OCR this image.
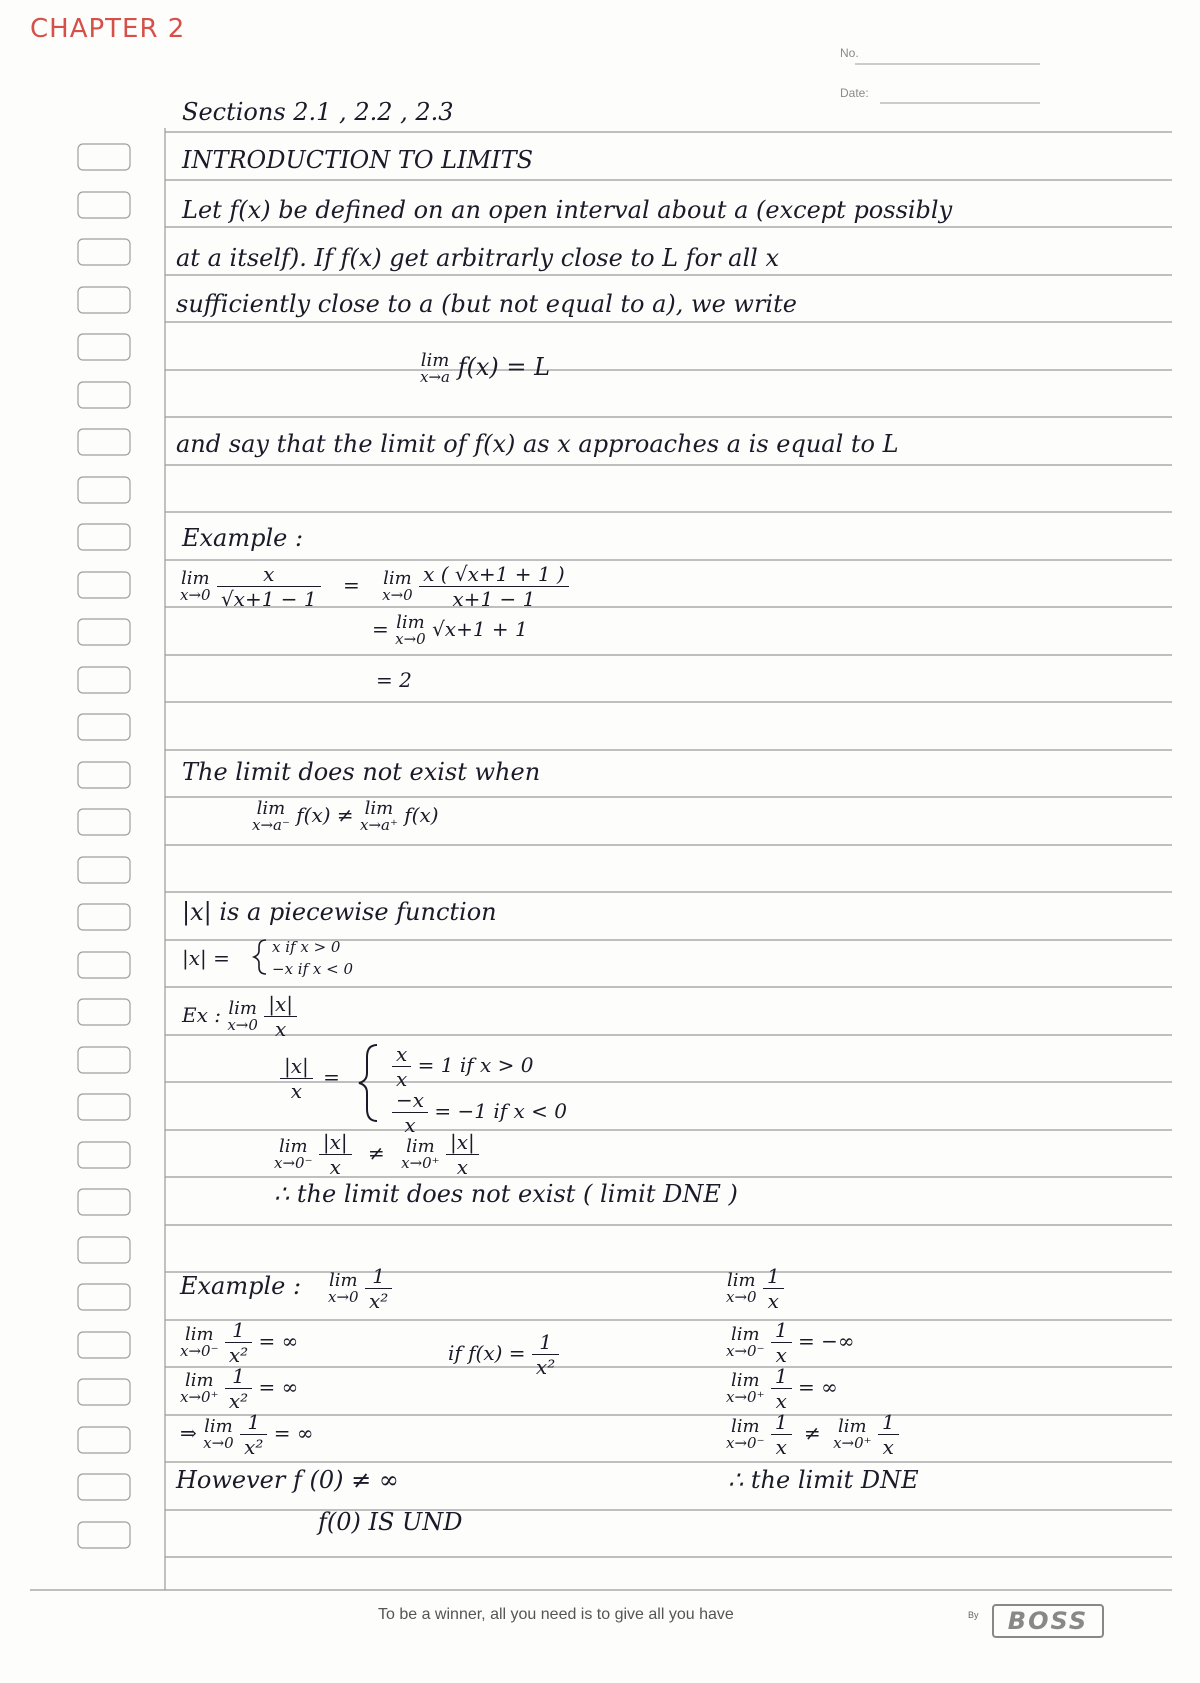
CHAPTER 2
No.
Date:
Sections 2.1 , 2.2 , 2.3
INTRODUCTION TO LIMITS
Let f(x) be defined on an open interval about a (except possibly
at a itself). If f(x) get arbitrarly close to L for all x
sufficiently close to a (but not equal to a), we write
lim
x→a f(x) = L
and say that the limit of f(x) as x approaches a is equal to L
Example :
lim
x→0
$\frac{x}{√x+1 - 1} = \lim$
x→0
$\frac{x ( √x+1 + 1 )}{x+1 - 1}$
= lim
x→0 √x+1 + 1
= 2
The limit does not exist when
lim
x→a⁻ f(x) ≠ lim
x→a⁺ f(x)
|x| is a piecewise function
|x| =	x if x > 0
−x if x < 0
Ex : lim
x→0
$\frac{|x|}{x}$
$\frac{|x|}{x}$ =	$\frac{x}{x} = 1$ if x > 0
$\frac{-x}{x} = -1$ if x < 0
lim
x→0⁻
$\frac{|x|}{x} \ne \lim$
x→0⁺
$\frac{|x|}{x}$
∴ the limit does not exist ( limit DNE )
Example : lim
x→0
$\frac{1}{\text{x²}}$
lim
x→0⁻
$\frac{1}{\text{x²}}$ = ∞	if $f(x) = \frac{1}{\text{x²}}$
lim
x→0⁺
$\frac{1}{\text{x²}}$ = ∞
⇒ lim
x→0
$\frac{1}{\text{x²}}$ = ∞
However f (0) ≠ ∞
f(0) IS UND
lim
x→0
$\frac{1}{x}$
lim
x→0⁻
$\frac{1}{x}$ = −∞
lim
x→0⁺
$\frac{1}{x}$ = ∞
lim
x→0⁻
$\frac{1}{x} \ne \lim$
x→0⁺
$\frac{1}{x}$
∴ the limit DNE
To be a winner, all you need is to give all you have	By	BOSS
